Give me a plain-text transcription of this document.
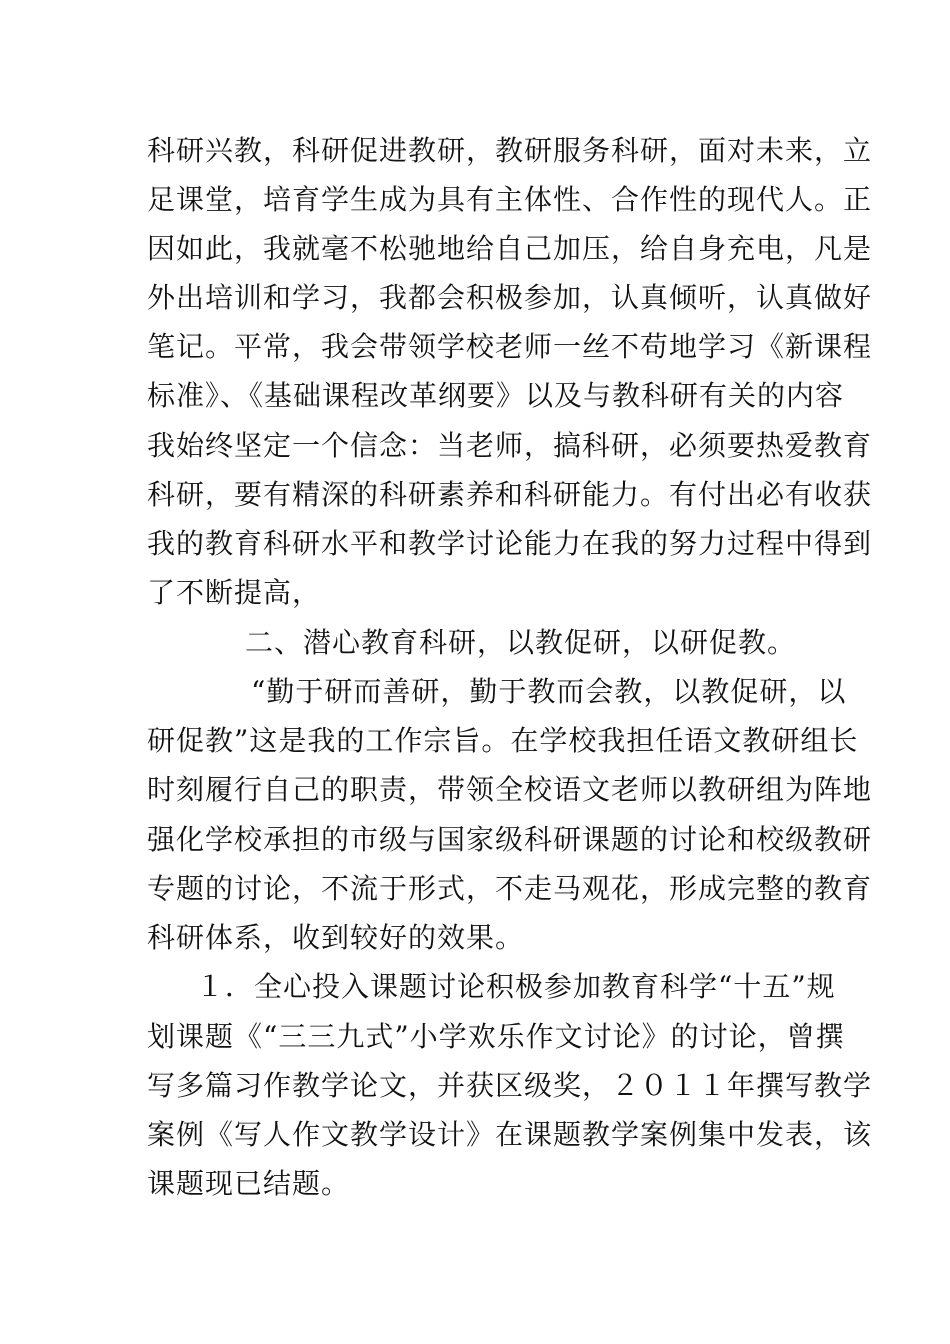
科研兴教，科研促进教研，教研服务科研，面对未来，立
足课堂，培育学生成为具有主体性、合作性的现代人。正
因如此，我就毫不松驰地给自己加压，给自身充电，凡是
外出培训和学习，我都会积极参加，认真倾听，认真做好
笔记。平常，我会带领学校老师一丝不苟地学习《新课程
标准》、《基础课程改革纲要》以及与教科研有关的内容
我始终坚定一个信念：当老师，搞科研，必须要热爱教育
科研，要有精深的科研素养和科研能力。有付出必有收获
我的教育科研水平和教学讨论能力在我的努力过程中得到
了不断提高，
二、潜心教育科研，以教促研，以研促教。
“勤于研而善研，勤于教而会教，以教促研，以
研促教”这是我的工作宗旨。在学校我担任语文教研组长
时刻履行自己的职责，带领全校语文老师以教研组为阵地
强化学校承担的市级与国家级科研课题的讨论和校级教研
专题的讨论，不流于形式，不走马观花，形成完整的教育
科研体系，收到较好的效果。
１．全心投入课题讨论积极参加教育科学“十五”规
划课题《“三三九式”小学欢乐作文讨论》的讨论，曾撰
写多篇习作教学论文，并获区级奖，２０１１年撰写教学
案例《写人作文教学设计》在课题教学案例集中发表，该
课题现已结题。
